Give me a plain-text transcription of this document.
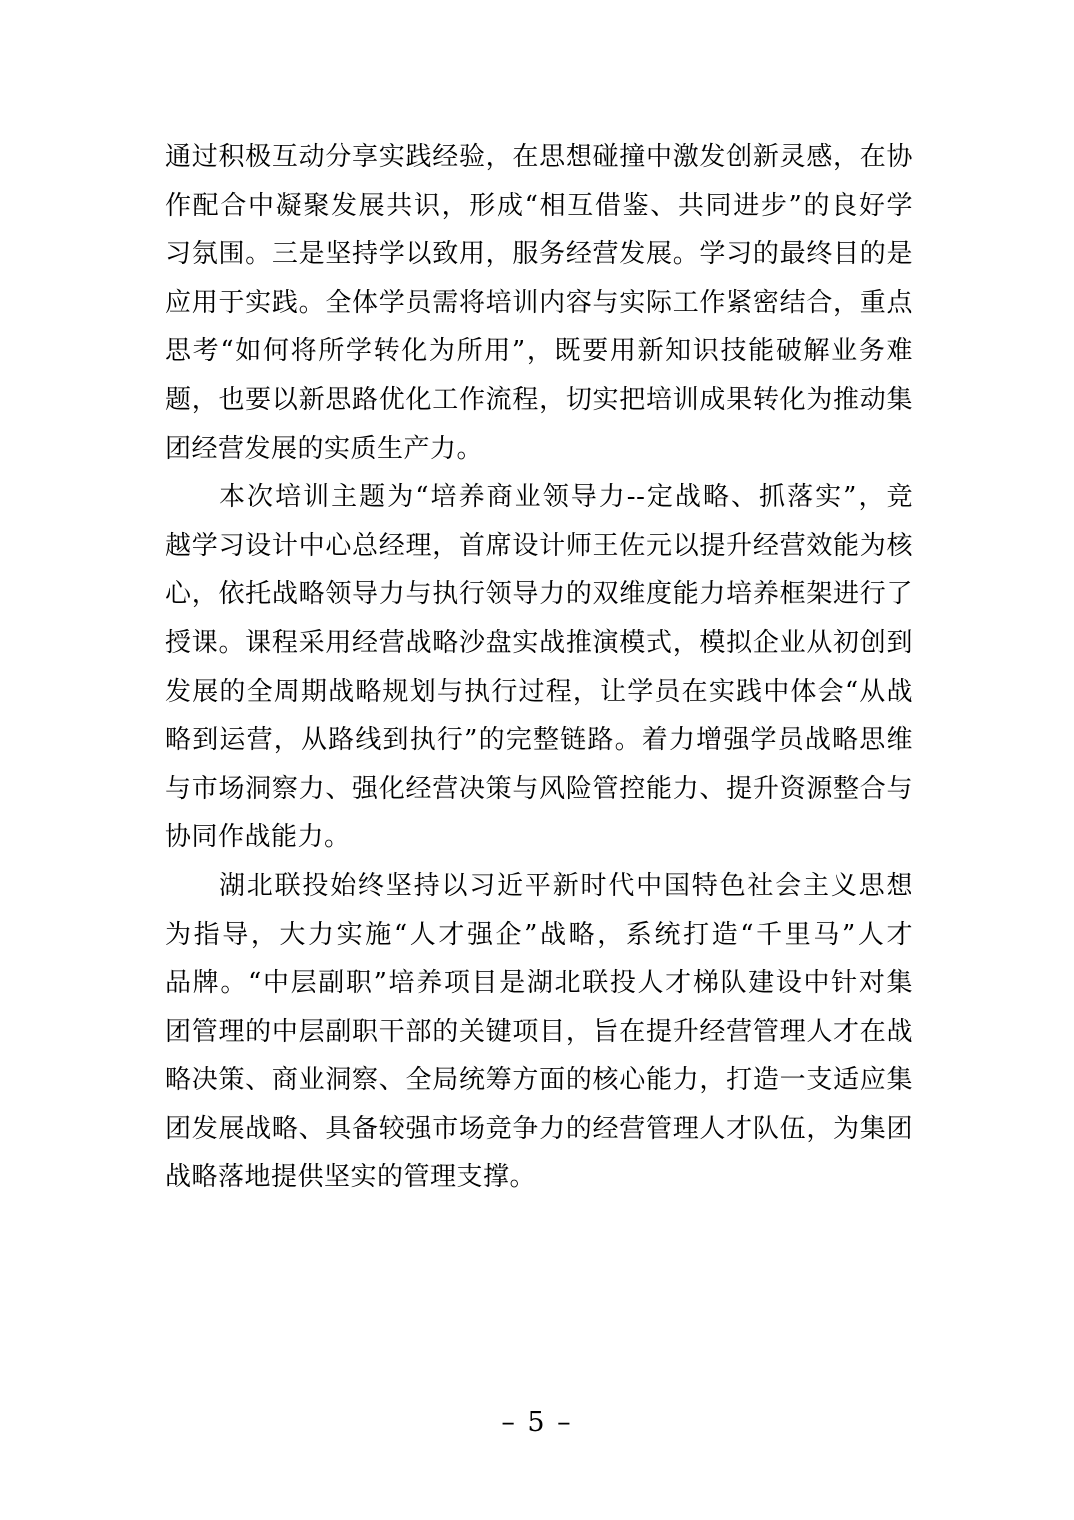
通过积极互动分享实践经验，在思想碰撞中激发创新灵感，在协
作配合中凝聚发展共识，形成“相互借鉴、共同进步”的良好学
习氛围。三是坚持学以致用，服务经营发展。学习的最终目的是
应用于实践。全体学员需将培训内容与实际工作紧密结合，重点
思考“如何将所学转化为所用”，既要用新知识技能破解业务难
题，也要以新思路优化工作流程，切实把培训成果转化为推动集
团经营发展的实质生产力。
本次培训主题为“培养商业领导力--定战略、抓落实”，竞
越学习设计中心总经理，首席设计师王佐元以提升经营效能为核
心，依托战略领导力与执行领导力的双维度能力培养框架进行了
授课。课程采用经营战略沙盘实战推演模式，模拟企业从初创到
发展的全周期战略规划与执行过程，让学员在实践中体会“从战
略到运营，从路线到执行”的完整链路。着力增强学员战略思维
与市场洞察力、强化经营决策与风险管控能力、提升资源整合与
协同作战能力。
湖北联投始终坚持以习近平新时代中国特色社会主义思想
为指导，大力实施“人才强企”战略，系统打造“千里马”人才
品牌。“中层副职”培养项目是湖北联投人才梯队建设中针对集
团管理的中层副职干部的关键项目，旨在提升经营管理人才在战
略决策、商业洞察、全局统筹方面的核心能力，打造一支适应集
团发展战略、具备较强市场竞争力的经营管理人才队伍，为集团
战略落地提供坚实的管理支撑。
– 5 –
